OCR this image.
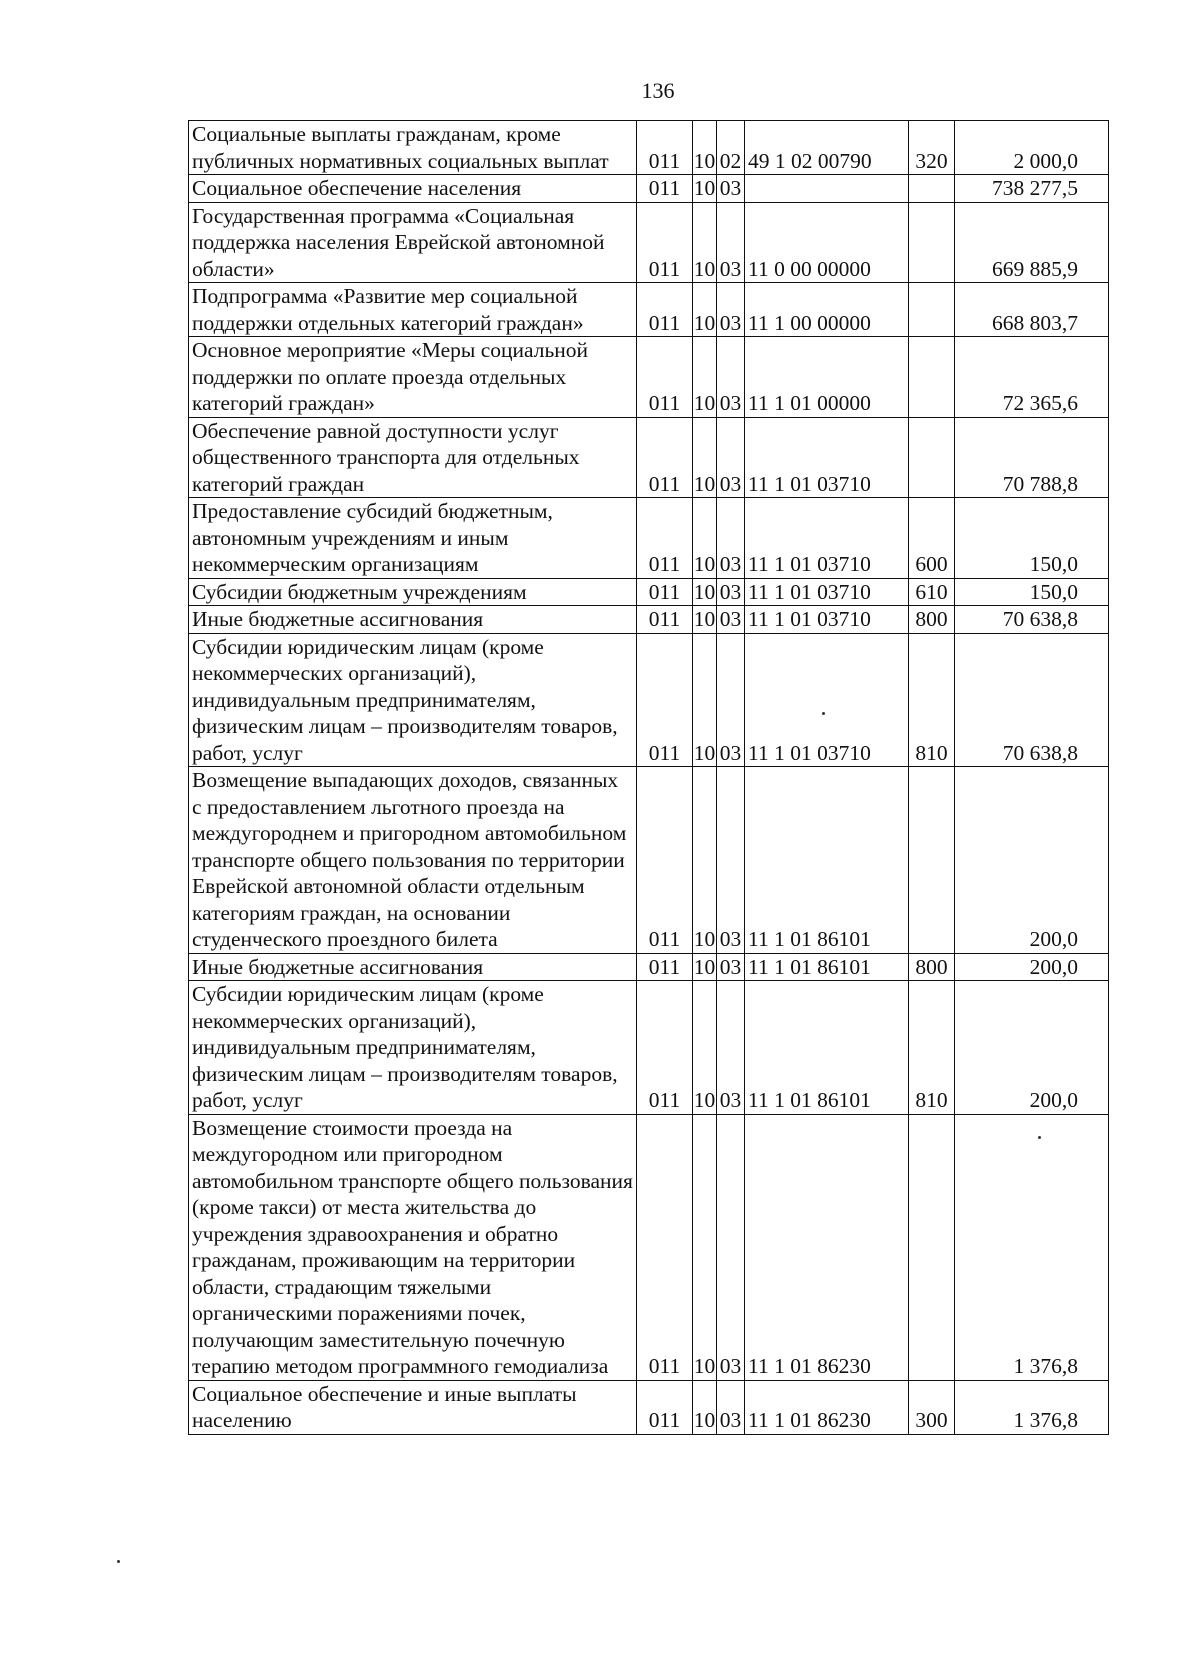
136
Социальные выплаты гражданам, кроме публичных нормативных социальных выплат	011	10	02	49 1 02 00790	320	2 000,0
Социальное обеспечение населения	011	10	03			738 277,5
Государственная программа «Социальная поддержка населения Еврейской автономной области»	011	10	03	11 0 00 00000		669 885,9
Подпрограмма «Развитие мер социальной поддержки отдельных категорий граждан»	011	10	03	11 1 00 00000		668 803,7
Основное мероприятие «Меры социальной поддержки по оплате проезда отдельных категорий граждан»	011	10	03	11 1 01 00000		72 365,6
Обеспечение равной доступности услуг общественного транспорта для отдельных категорий граждан	011	10	03	11 1 01 03710		70 788,8
Предоставление субсидий бюджетным, автономным учреждениям и иным некоммерческим организациям	011	10	03	11 1 01 03710	600	150,0
Субсидии бюджетным учреждениям	011	10	03	11 1 01 03710	610	150,0
Иные бюджетные ассигнования	011	10	03	11 1 01 03710	800	70 638,8
Субсидии юридическим лицам (кроме некоммерческих организаций), индивидуальным предпринимателям, физическим лицам – производителям товаров, работ, услуг	011	10	03	11 1 01 03710	810	70 638,8
Возмещение выпадающих доходов, связанных с предоставлением льготного проезда на междугороднем и пригородном автомобильном транспорте общего пользования по территории Еврейской автономной области отдельным категориям граждан, на основании студенческого проездного билета	011	10	03	11 1 01 86101		200,0
Иные бюджетные ассигнования	011	10	03	11 1 01 86101	800	200,0
Субсидии юридическим лицам (кроме некоммерческих организаций), индивидуальным предпринимателям, физическим лицам – производителям товаров, работ, услуг	011	10	03	11 1 01 86101	810	200,0
Возмещение стоимости проезда на междугородном или пригородном автомобильном транспорте общего пользования (кроме такси) от места жительства до учреждения здравоохранения и обратно гражданам, проживающим на территории области, страдающим тяжелыми органическими поражениями почек, получающим заместительную почечную терапию методом программного гемодиализа	011	10	03	11 1 01 86230		1 376,8
Социальное обеспечение и иные выплаты населению	011	10	03	11 1 01 86230	300	1 376,8
